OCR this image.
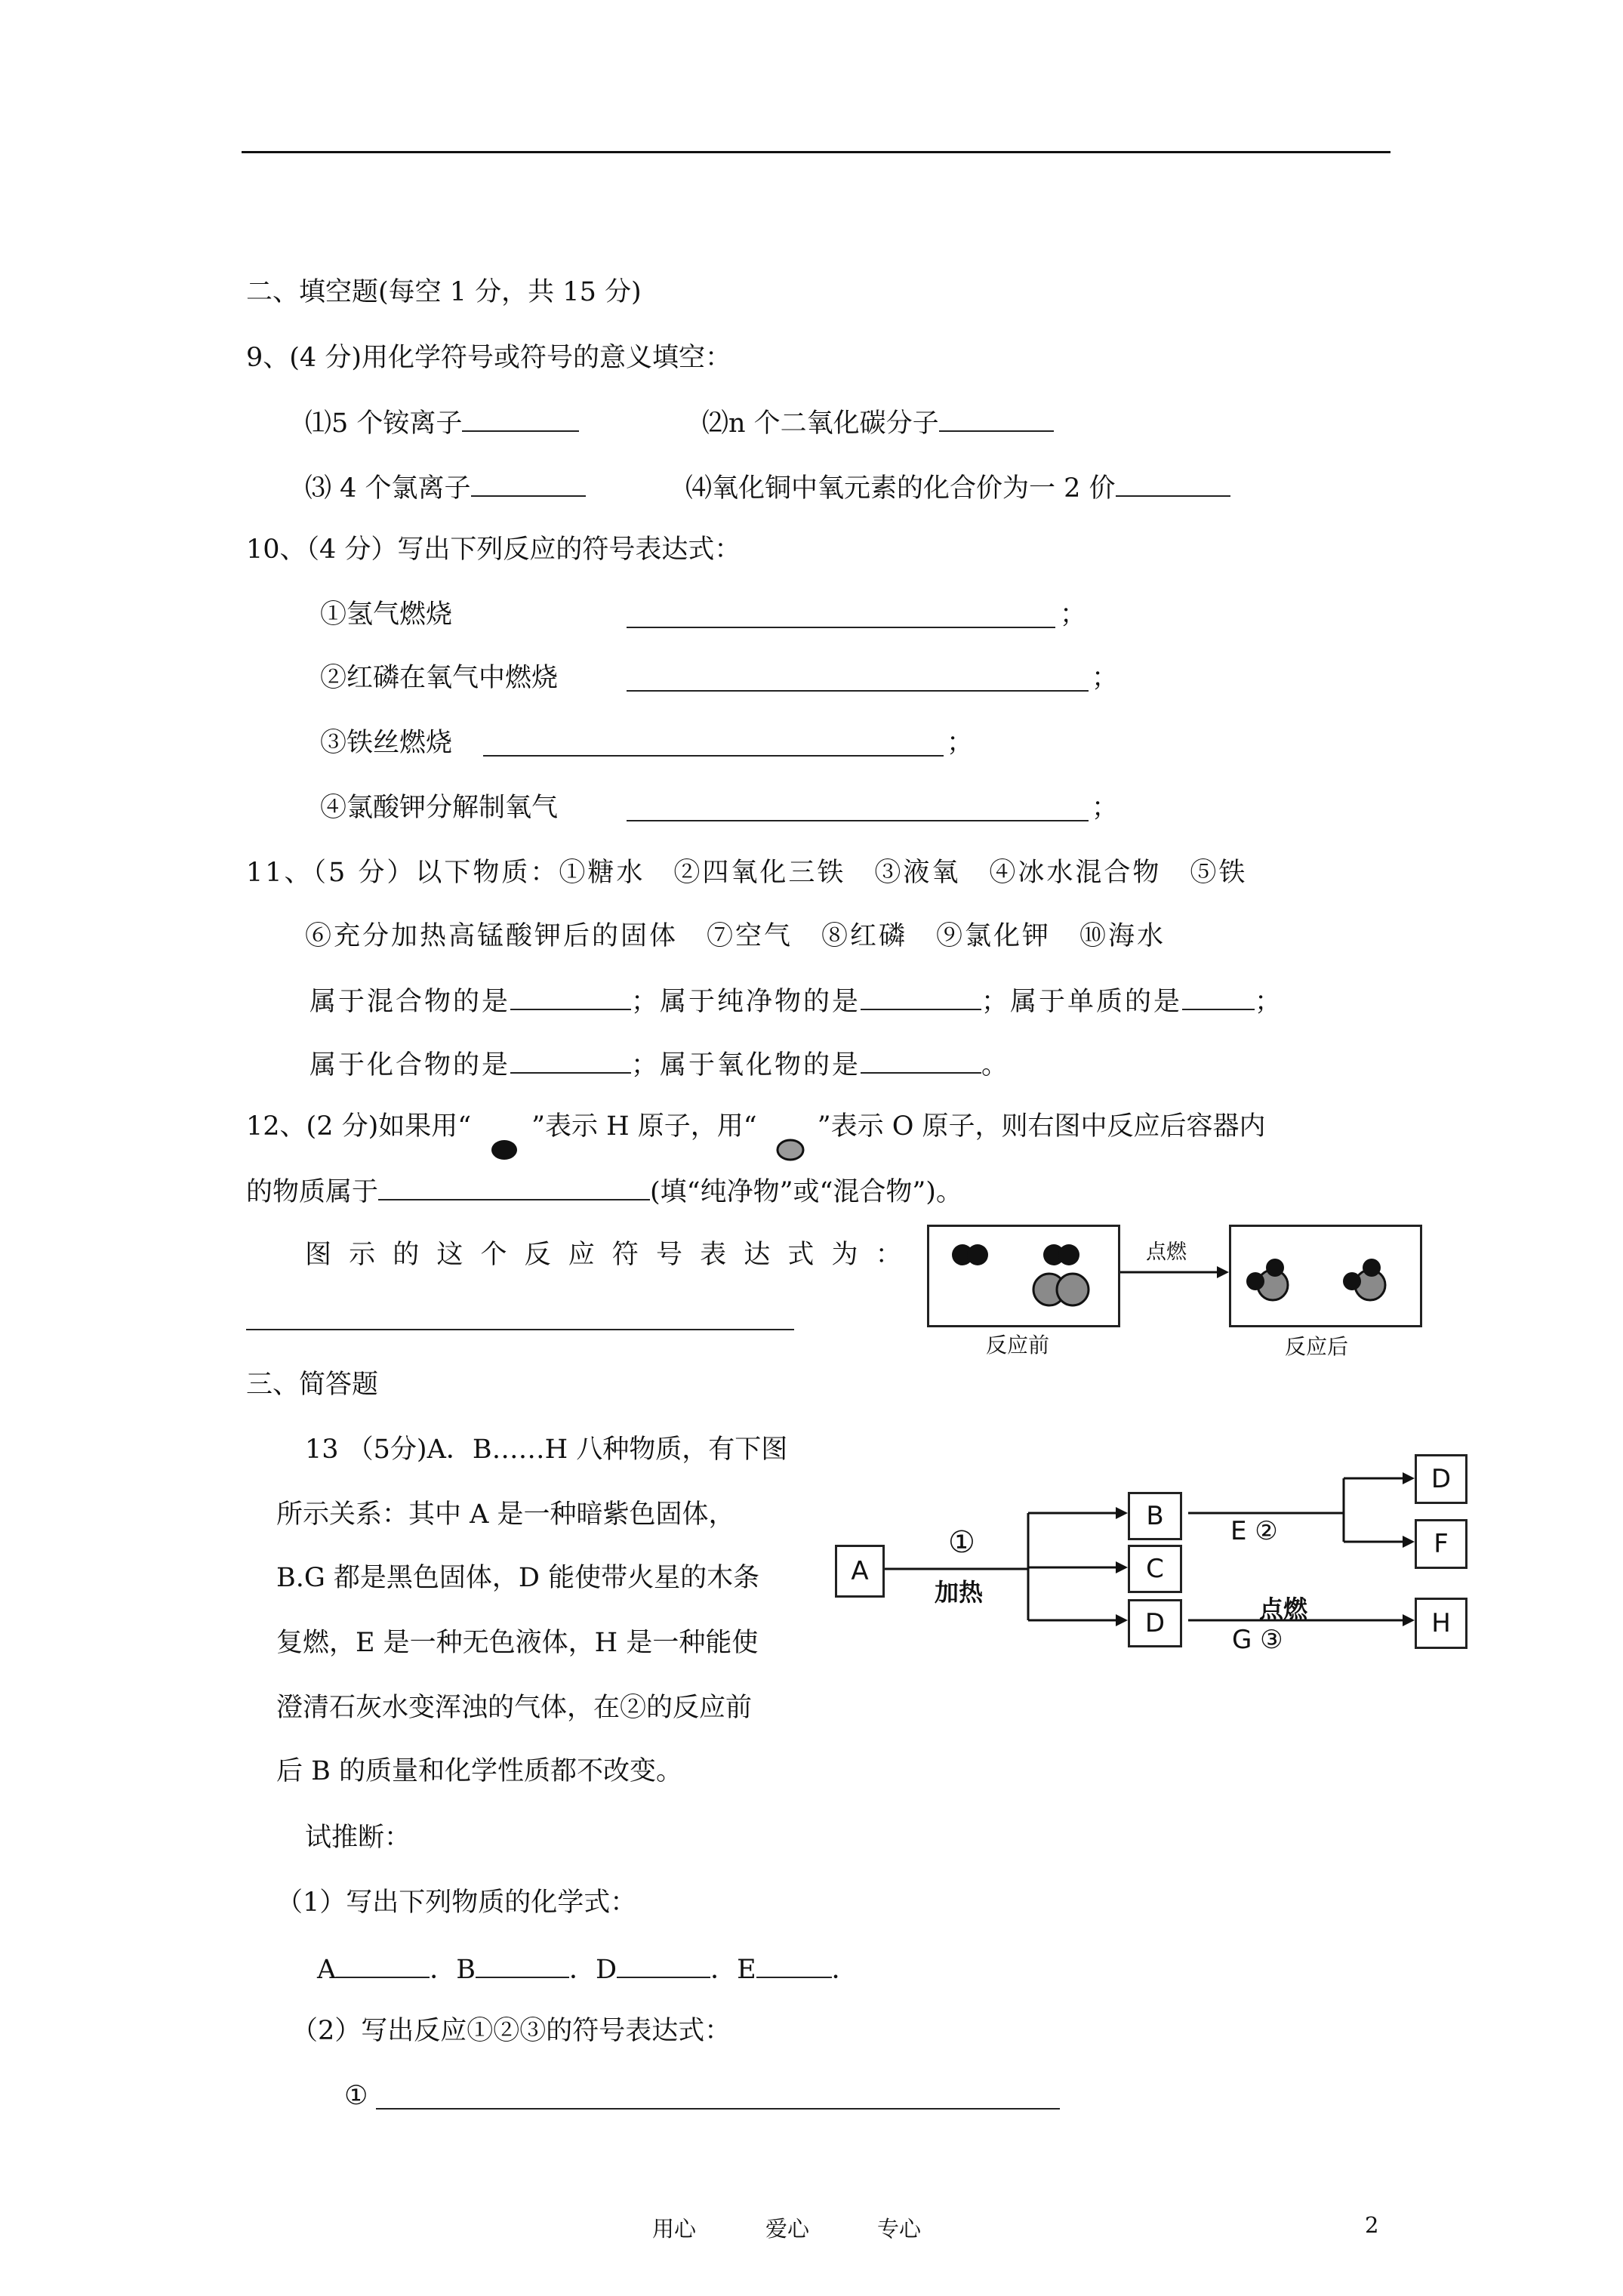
二、填空题(每空 1 分，共 15 分)
9、(4 分)用化学符号或符号的意义填空：
⑴5 个铵离子	⑵n 个二氧化碳分子
⑶ 4 个氯离子	⑷氧化铜中氧元素的化合价为一 2 价
10、（4 分）写出下列反应的符号表达式：
①氢气燃烧	；
②红磷在氧气中燃烧	；
③铁丝燃烧	；
④氯酸钾分解制氧气	；
11、（5 分）以下物质：①糖水　②四氧化三铁　③液氧　④冰水混合物　⑤铁
⑥充分加热高锰酸钾后的固体　⑦空气　⑧红磷　⑨氯化钾　⑩海水
属于混合物的是	；属于纯净物的是	；属于单质的是	；
属于化合物的是	；属于氧化物的是	。
12、(2 分)如果用“ ”表示 H 原子，用“ ”表示 O 原子，则右图中反应后容器内
的物质属于	(填“纯净物”或“混合物”)。
图 示 的 这 个 反 应 符 号 表 达 式 为 ：	点燃
反应前	反应后
三、简答题
13 （5分)A．B……H 八种物质，有下图
所示关系：其中 A 是一种暗紫色固体，
B.G 都是黑色固体，D 能使带火星的木条
复燃，E 是一种无色液体，H 是一种能使
澄清石灰水变浑浊的气体，在②的反应前
后 B 的质量和化学性质都不改变。
试推断：
（1）写出下列物质的化学式：
A	．B	．D	．E	．
（2）写出反应①②③的符号表达式：
①
A
B
C
D
D
F
H
①
加热
E ②
点燃
G ③
用心	爱心	专心	2
